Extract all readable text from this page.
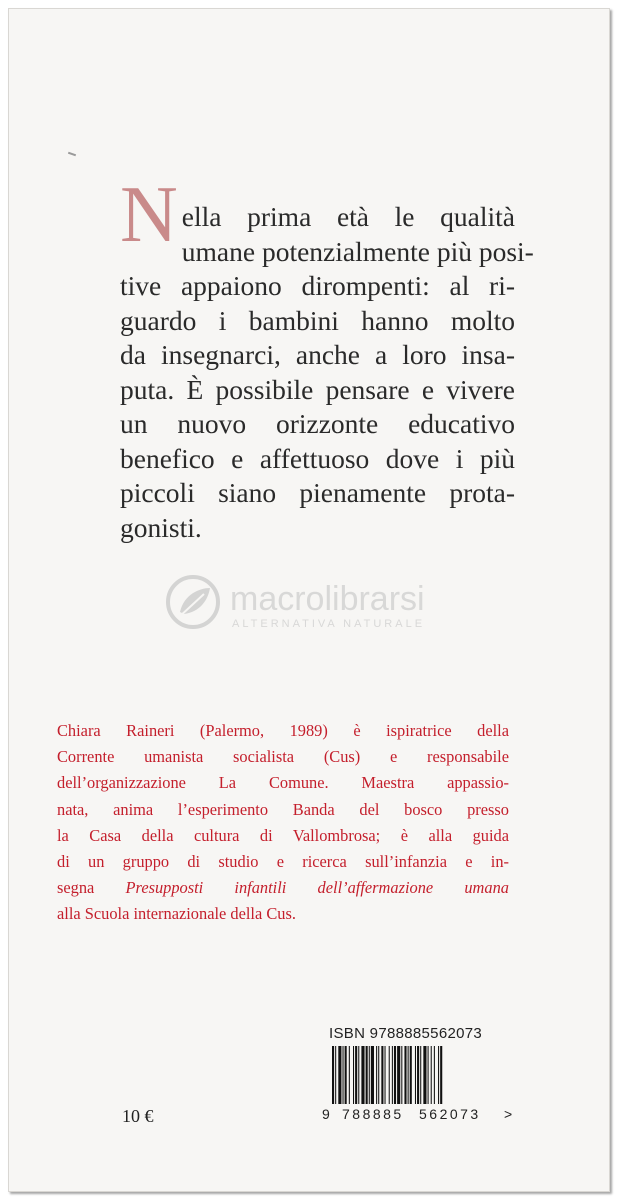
N ella prima età le qualità
umane potenzialmente più posi-
tive appaiono dirompenti: al ri-
guardo i bambini hanno molto
da insegnarci, anche a loro insa-
puta. È possibile pensare e vivere
un nuovo orizzonte educativo
benefico e affettuoso dove i più
piccoli siano pienamente prota-
gonisti.
macrolibrarsi
ALTERNATIVA NATURALE
Chiara Raineri (Palermo, 1989) è ispiratrice della
Corrente umanista socialista (Cus) e responsabile
dell’organizzazione La Comune. Maestra appassio-
nata, anima l’esperimento Banda del bosco presso
la Casa della cultura di Vallombrosa; è alla guida
di un gruppo di studio e ricerca sull’infanzia e in-
segna Presupposti infantili dell’affermazione umana
alla Scuola internazionale della Cus.
ISBN 9788885562073
9 788885 562073 >
10 €
